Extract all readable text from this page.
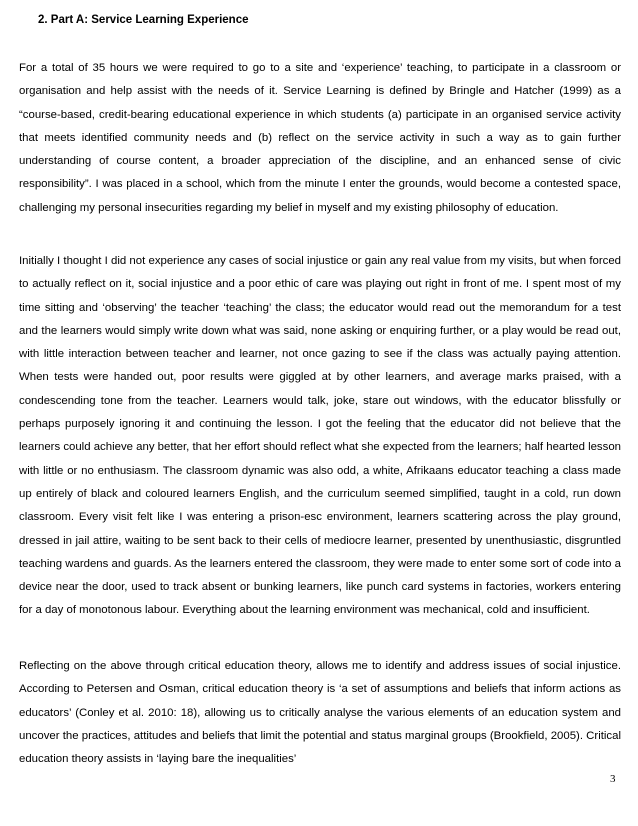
2. Part A: Service Learning Experience

For a total of 35 hours we were required to go to a site and ‘experience’ teaching, to participate in a classroom or organisation and help assist with the needs of it. Service Learning is defined by Bringle and Hatcher (1999) as a “course-based, credit-bearing educational experience in which students (a) participate in an organised service activity that meets identified community needs and (b) reflect on the service activity in such a way as to gain further understanding of course content, a broader appreciation of the discipline, and an enhanced sense of civic responsibility”. I was placed in a school, which from the minute I enter the grounds, would become a contested space, challenging my personal insecurities regarding my belief in myself and my existing philosophy of education.

Initially I thought I did not experience any cases of social injustice or gain any real value from my visits, but when forced to actually reflect on it, social injustice and a poor ethic of care was playing out right in front of me. I spent most of my time sitting and ‘observing’ the teacher ‘teaching’ the class; the educator would read out the memorandum for a test and the learners would simply write down what was said, none asking or enquiring further, or a play would be read out, with little interaction between teacher and learner, not once gazing to see if the class was actually paying attention. When tests were handed out, poor results were giggled at by other learners, and average marks praised, with a condescending tone from the teacher. Learners would talk, joke, stare out windows, with the educator blissfully or perhaps purposely ignoring it and continuing the lesson. I got the feeling that the educator did not believe that the learners could achieve any better, that her effort should reflect what she expected from the learners; half hearted lesson with little or no enthusiasm. The classroom dynamic was also odd, a white, Afrikaans educator teaching a class made up entirely of black and coloured learners English, and the curriculum seemed simplified, taught in a cold, run down classroom. Every visit felt like I was entering a prison-esc environment, learners scattering across the play ground, dressed in jail attire, waiting to be sent back to their cells of mediocre learner, presented by unenthusiastic, disgruntled teaching wardens and guards. As the learners entered the classroom, they were made to enter some sort of code into a device near the door, used to track absent or bunking learners, like punch card systems in factories, workers entering for a day of monotonous labour. Everything about the learning environment was mechanical, cold and insufficient.

Reflecting on the above through critical education theory, allows me to identify and address issues of social injustice. According to Petersen and Osman, critical education theory is ‘a set of assumptions and beliefs that inform actions as educators’ (Conley et al. 2010: 18), allowing us to critically analyse the various elements of an education system and uncover the practices, attitudes and beliefs that limit the potential and status marginal groups (Brookfield, 2005). Critical education theory assists in ‘laying bare the inequalities’

3
